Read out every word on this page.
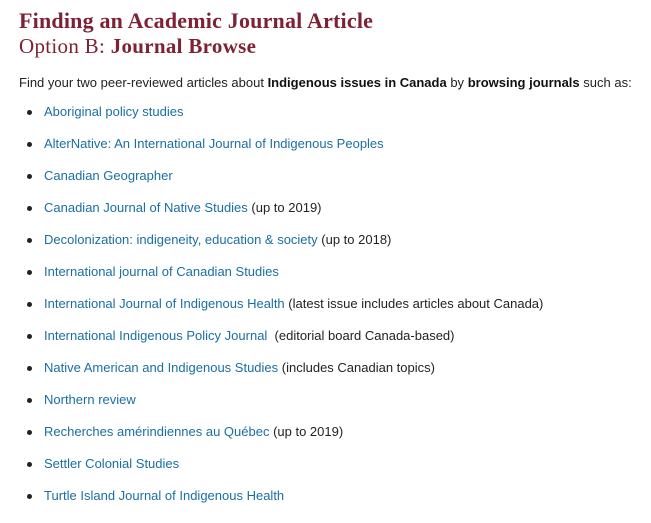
Finding an Academic Journal Article
Option B: Journal Browse

Find your two peer-reviewed articles about Indigenous issues in Canada by browsing journals such as:

Aboriginal policy studies
AlterNative: An International Journal of Indigenous Peoples
Canadian Geographer
Canadian Journal of Native Studies (up to 2019)
Decolonization: indigeneity, education & society (up to 2018)
International journal of Canadian Studies
International Journal of Indigenous Health (latest issue includes articles about Canada)
International Indigenous Policy Journal  (editorial board Canada-based)
Native American and Indigenous Studies (includes Canadian topics)
Northern review
Recherches amérindiennes au Québec (up to 2019)
Settler Colonial Studies
Turtle Island Journal of Indigenous Health
